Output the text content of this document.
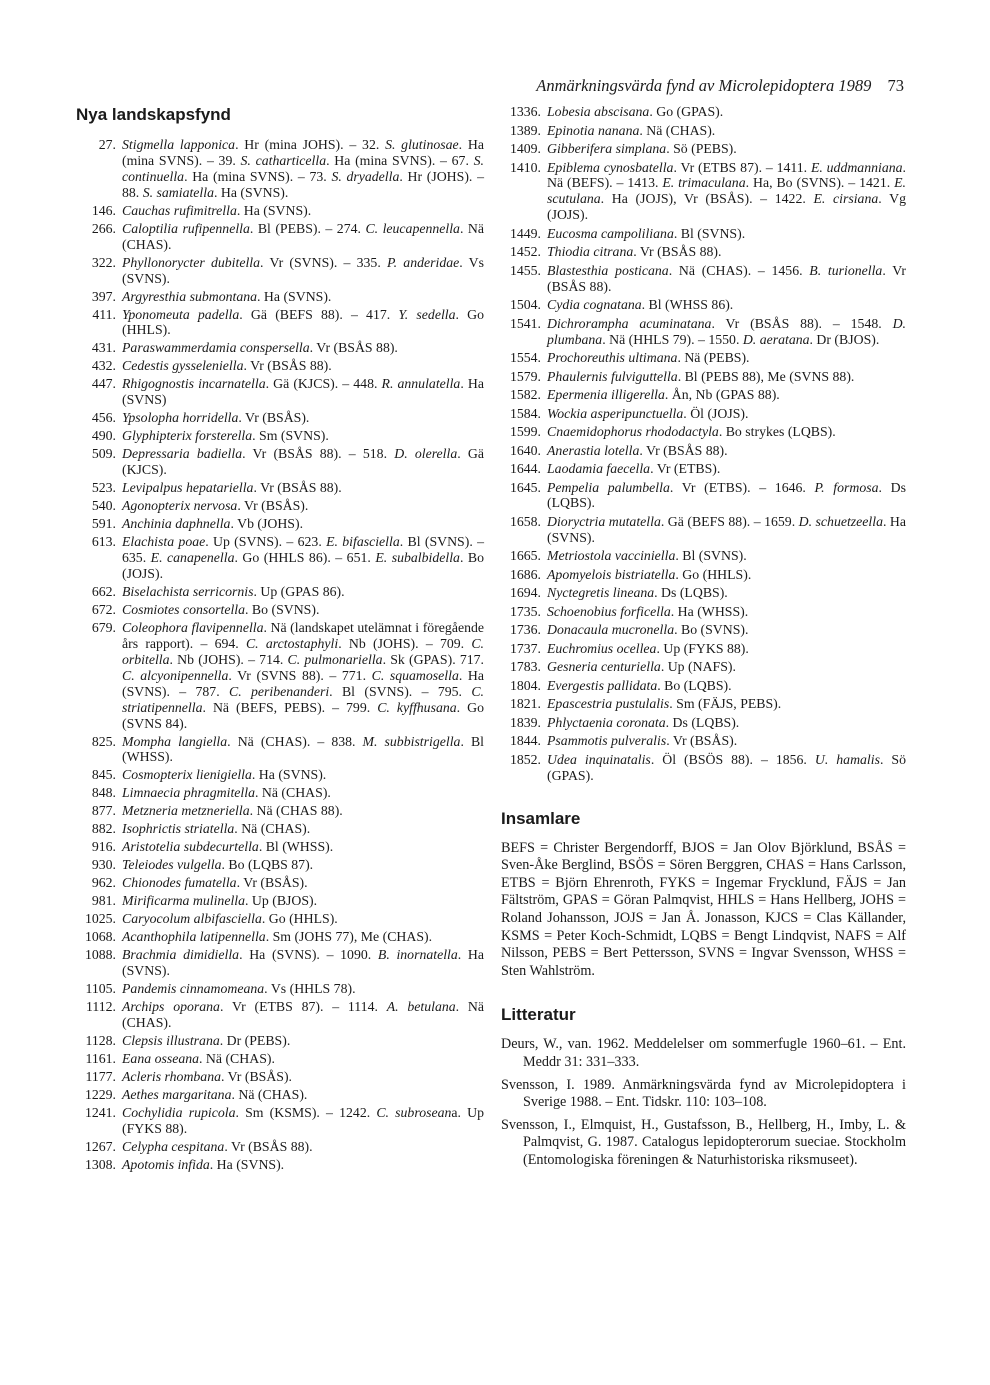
Anmärkningsvärda fynd av Microlepidoptera 1989 73
Nya landskapsfynd
27. Stigmella lapponica. Hr (mina JOHS). – 32. S. glutinosae. Ha (mina SVNS). – 39. S. catharticella. Ha (mina SVNS). – 67. S. continuella. Ha (mina SVNS). – 73. S. dryadella. Hr (JOHS). – 88. S. samiatella. Ha (SVNS).
146. Cauchas rufimitrella. Ha (SVNS).
266. Caloptilia rufipennella. Bl (PEBS). – 274. C. leucapennella. Nä (CHAS).
322. Phyllonorycter dubitella. Vr (SVNS). – 335. P. anderidae. Vs (SVNS).
397. Argyresthia submontana. Ha (SVNS).
411. Yponomeuta padella. Gä (BEFS 88). – 417. Y. sedella. Go (HHLS).
431. Paraswammerdamia conspersella. Vr (BSÅS 88).
432. Cedestis gysseleniella. Vr (BSÅS 88).
447. Rhigognostis incarnatella. Gä (KJCS). – 448. R. annulatella. Ha (SVNS)
456. Ypsolopha horridella. Vr (BSÅS).
490. Glyphipterix forsterella. Sm (SVNS).
509. Depressaria badiella. Vr (BSÅS 88). – 518. D. olerella. Gä (KJCS).
523. Levipalpus hepatariella. Vr (BSÅS 88).
540. Agonopterix nervosa. Vr (BSÅS).
591. Anchinia daphnella. Vb (JOHS).
613. Elachista poae. Up (SVNS). – 623. E. bifasciella. Bl (SVNS). – 635. E. canapenella. Go (HHLS 86). – 651. E. subalbidella. Bo (JOJS).
662. Biselachista serricornis. Up (GPAS 86).
672. Cosmiotes consortella. Bo (SVNS).
679. Coleophora flavipennella. Nä (landskapet utelämnat i föregående års rapport). – 694. C. arctostaphyli. Nb (JOHS). – 709. C. orbitella. Nb (JOHS). – 714. C. pulmonariella. Sk (GPAS). 717. C. alcyonipennella. Vr (SVNS 88). – 771. C. squamosella. Ha (SVNS). – 787. C. peribenanderi. Bl (SVNS). – 795. C. striatipennella. Nä (BEFS, PEBS). – 799. C. kyffhusana. Go (SVNS 84).
825. Mompha langiella. Nä (CHAS). – 838. M. subbistrigella. Bl (WHSS).
845. Cosmopterix lienigiella. Ha (SVNS).
848. Limnaecia phragmitella. Nä (CHAS).
877. Metzneria metzneriella. Nä (CHAS 88).
882. Isophrictis striatella. Nä (CHAS).
916. Aristotelia subdecurtella. Bl (WHSS).
930. Teleiodes vulgella. Bo (LQBS 87).
962. Chionodes fumatella. Vr (BSÅS).
981. Mirificarma mulinella. Up (BJOS).
1025. Caryocolum albifasciella. Go (HHLS).
1068. Acanthophila latipennella. Sm (JOHS 77), Me (CHAS).
1088. Brachmia dimidiella. Ha (SVNS). – 1090. B. inornatella. Ha (SVNS).
1105. Pandemis cinnamomeana. Vs (HHLS 78).
1112. Archips oporana. Vr (ETBS 87). – 1114. A. betulana. Nä (CHAS).
1128. Clepsis illustrana. Dr (PEBS).
1161. Eana osseana. Nä (CHAS).
1177. Acleris rhombana. Vr (BSÅS).
1229. Aethes margaritana. Nä (CHAS).
1241. Cochylidia rupicola. Sm (KSMS). – 1242. C. subroseana. Up (FYKS 88).
1267. Celypha cespitana. Vr (BSÅS 88).
1308. Apotomis infida. Ha (SVNS).
1336. Lobesia abscisana. Go (GPAS).
1389. Epinotia nanana. Nä (CHAS).
1409. Gibberifera simplana. Sö (PEBS).
1410. Epiblema cynosbatella. Vr (ETBS 87). – 1411. E. uddmanniana. Nä (BEFS). – 1413. E. trimaculana. Ha, Bo (SVNS). – 1421. E. scutulana. Ha (JOJS), Vr (BSÅS). – 1422. E. cirsiana. Vg (JOJS).
1449. Eucosma campoliliana. Bl (SVNS).
1452. Thiodia citrana. Vr (BSÅS 88).
1455. Blastesthia posticana. Nä (CHAS). – 1456. B. turionella. Vr (BSÅS 88).
1504. Cydia cognatana. Bl (WHSS 86).
1541. Dichrorampha acuminatana. Vr (BSÅS 88). – 1548. D. plumbana. Nä (HHLS 79). – 1550. D. aeratana. Dr (BJOS).
1554. Prochoreuthis ultimana. Nä (PEBS).
1579. Phaulernis fulviguttella. Bl (PEBS 88), Me (SVNS 88).
1582. Epermenia illigerella. Ån, Nb (GPAS 88).
1584. Wockia asperipunctuella. Öl (JOJS).
1599. Cnaemidophorus rhododactyla. Bo strykes (LQBS).
1640. Anerastia lotella. Vr (BSÅS 88).
1644. Laodamia faecella. Vr (ETBS).
1645. Pempelia palumbella. Vr (ETBS). – 1646. P. formosa. Ds (LQBS).
1658. Dioryctria mutatella. Gä (BEFS 88). – 1659. D. schuetzeella. Ha (SVNS).
1665. Metriostola vacciniella. Bl (SVNS).
1686. Apomyelois bistriatella. Go (HHLS).
1694. Nyctegretis lineana. Ds (LQBS).
1735. Schoenobius forficella. Ha (WHSS).
1736. Donacaula mucronella. Bo (SVNS).
1737. Euchromius ocellea. Up (FYKS 88).
1783. Gesneria centuriella. Up (NAFS).
1804. Evergestis pallidata. Bo (LQBS).
1821. Epascestria pustulalis. Sm (FÄJS, PEBS).
1839. Phlyctaenia coronata. Ds (LQBS).
1844. Psammotis pulveralis. Vr (BSÅS).
1852. Udea inquinatalis. Öl (BSÖS 88). – 1856. U. hamalis. Sö (GPAS).
Insamlare
BEFS = Christer Bergendorff, BJOS = Jan Olov Björklund, BSÅS = Sven-Åke Berglind, BSÖS = Sören Berggren, CHAS = Hans Carlsson, ETBS = Björn Ehrenroth, FYKS = Ingemar Frycklund, FÄJS = Jan Fältström, GPAS = Göran Palmqvist, HHLS = Hans Hellberg, JOHS = Roland Johansson, JOJS = Jan Å. Jonasson, KJCS = Clas Källander, KSMS = Peter Koch-Schmidt, LQBS = Bengt Lindqvist, NAFS = Alf Nilsson, PEBS = Bert Pettersson, SVNS = Ingvar Svensson, WHSS = Sten Wahlström.
Litteratur

Deurs, W., van. 1962. Meddelelser om sommerfugle 1960–61. – Ent. Meddr 31: 331–333.

Svensson, I. 1989. Anmärkningsvärda fynd av Microlepidoptera i Sverige 1988. – Ent. Tidskr. 110: 103–108.

Svensson, I., Elmquist, H., Gustafsson, B., Hellberg, H., Imby, L. & Palmqvist, G. 1987. Catalogus lepidopterorum sueciae. Stockholm (Entomologiska föreningen & Naturhistoriska riksmuseet).
